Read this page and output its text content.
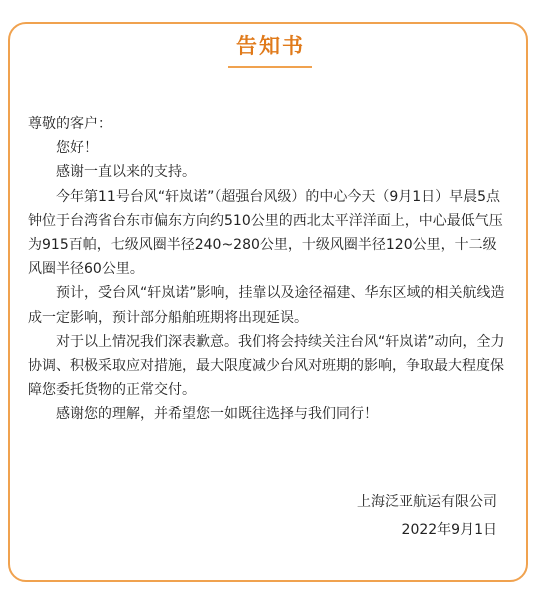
告知书

尊敬的客户：

您好！

感谢一直以来的支持。

今年第11号台风“轩岚诺”（超强台风级）的中心今天（9月1日）早晨5点钟位于台湾省台东市偏东方向约510公里的西北太平洋洋面上，中心最低气压为915百帕，七级风圈半径240~280公里，十级风圈半径120公里，十二级风圈半径60公里。

预计，受台风“轩岚诺”影响，挂靠以及途径福建、华东区域的相关航线造成一定影响，预计部分船舶班期将出现延误。

对于以上情况我们深表歉意。我们将会持续关注台风“轩岚诺”动向，全力协调、积极采取应对措施，最大限度减少台风对班期的影响，争取最大程度保障您委托货物的正常交付。

感谢您的理解，并希望您一如既往选择与我们同行！

上海泛亚航运有限公司
2022年9月1日
